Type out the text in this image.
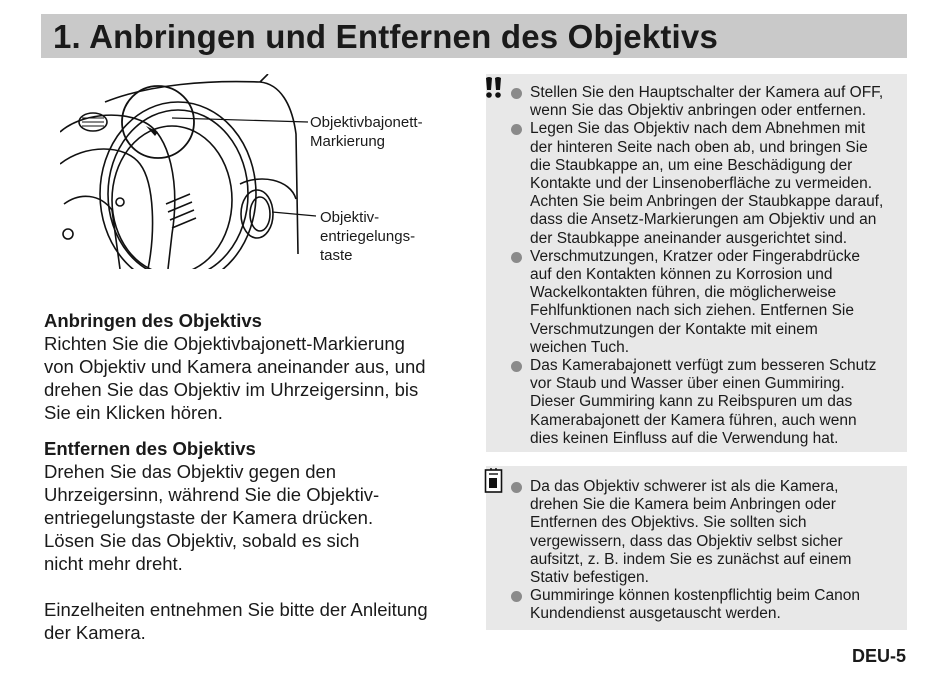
1. Anbringen und Entfernen des Objektivs
Objektivbajonett-
Markierung
Objektiv-
entriegelungs-
taste
Anbringen des Objektivs
Richten Sie die Objektivbajonett-Markierung
von Objektiv und Kamera aneinander aus, und
drehen Sie das Objektiv im Uhrzeigersinn, bis
Sie ein Klicken hören.
Entfernen des Objektivs
Drehen Sie das Objektiv gegen den
Uhrzeigersinn, während Sie die Objektiv-
entriegelungstaste der Kamera drücken.
Lösen Sie das Objektiv, sobald es sich
nicht mehr dreht.
Einzelheiten entnehmen Sie bitte der Anleitung
der Kamera.
Stellen Sie den Hauptschalter der Kamera auf OFF,
wenn Sie das Objektiv anbringen oder entfernen.
Legen Sie das Objektiv nach dem Abnehmen mit
der hinteren Seite nach oben ab, und bringen Sie
die Staubkappe an, um eine Beschädigung der
Kontakte und der Linsenoberfläche zu vermeiden.
Achten Sie beim Anbringen der Staubkappe darauf,
dass die Ansetz-Markierungen am Objektiv und an
der Staubkappe aneinander ausgerichtet sind.
Verschmutzungen, Kratzer oder Fingerabdrücke
auf den Kontakten können zu Korrosion und
Wackelkontakten führen, die möglicherweise
Fehlfunktionen nach sich ziehen. Entfernen Sie
Verschmutzungen der Kontakte mit einem
weichen Tuch.
Das Kamerabajonett verfügt zum besseren Schutz
vor Staub und Wasser über einen Gummiring.
Dieser Gummiring kann zu Reibspuren um das
Kamerabajonett der Kamera führen, auch wenn
dies keinen Einfluss auf die Verwendung hat.
Da das Objektiv schwerer ist als die Kamera,
drehen Sie die Kamera beim Anbringen oder
Entfernen des Objektivs. Sie sollten sich
vergewissern, dass das Objektiv selbst sicher
aufsitzt, z. B. indem Sie es zunächst auf einem
Stativ befestigen.
Gummiringe können kostenpflichtig beim Canon
Kundendienst ausgetauscht werden.
DEU-5
